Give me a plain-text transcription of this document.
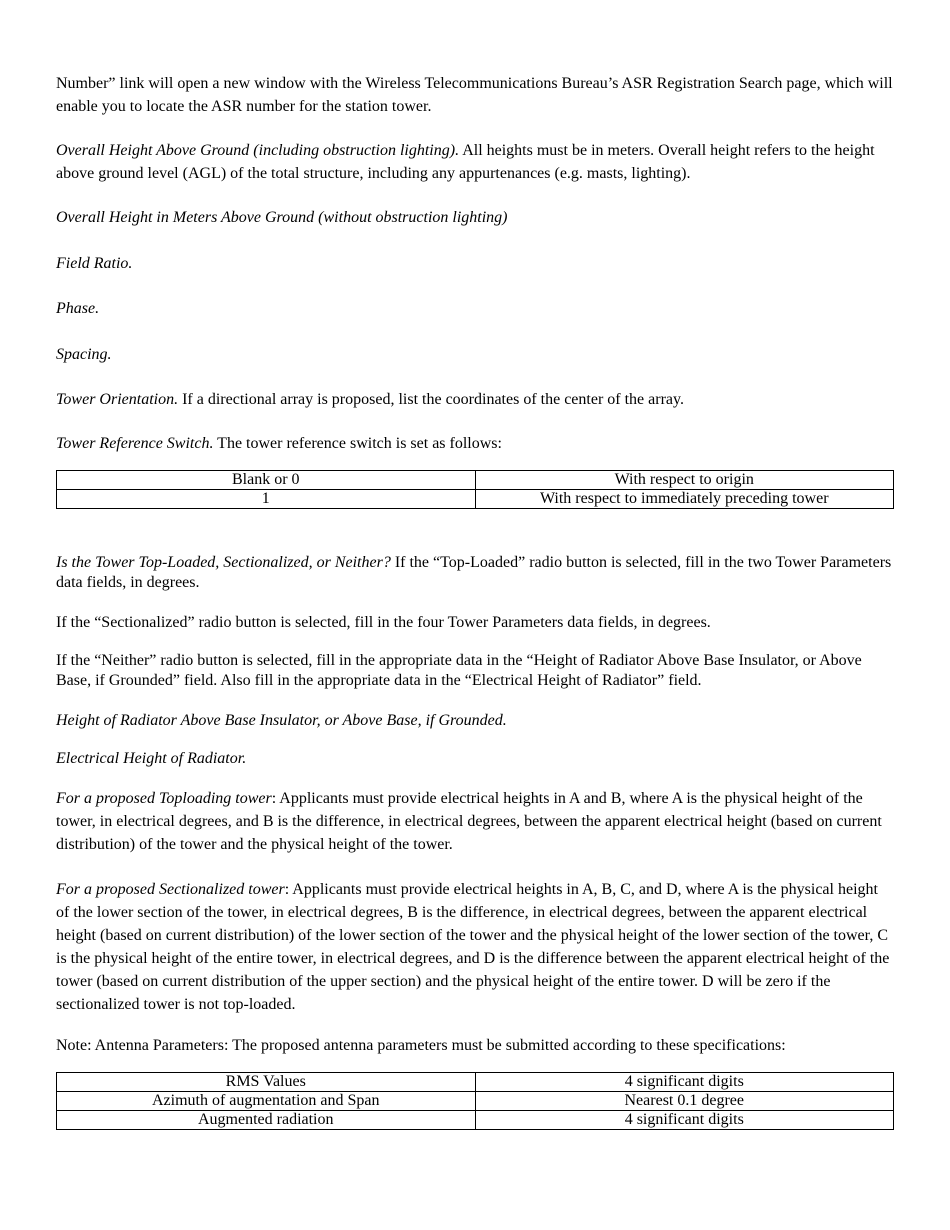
Number” link will open a new window with the Wireless Telecommunications Bureau’s ASR Registration Search page, which will enable you to locate the ASR number for the station tower.

Overall Height Above Ground (including obstruction lighting). All heights must be in meters. Overall height refers to the height above ground level (AGL) of the total structure, including any appurtenances (e.g. masts, lighting).

Overall Height in Meters Above Ground (without obstruction lighting)

Field Ratio.

Phase.

Spacing.

Tower Orientation. If a directional array is proposed, list the coordinates of the center of the array.

Tower Reference Switch. The tower reference switch is set as follows:

Blank or 0	With respect to origin
1	With respect to immediately preceding tower

Is the Tower Top-Loaded, Sectionalized, or Neither? If the “Top-Loaded” radio button is selected, fill in the two Tower Parameters data fields, in degrees.

If the “Sectionalized” radio button is selected, fill in the four Tower Parameters data fields, in degrees.

If the “Neither” radio button is selected, fill in the appropriate data in the “Height of Radiator Above Base Insulator, or Above Base, if Grounded” field. Also fill in the appropriate data in the “Electrical Height of Radiator” field.

Height of Radiator Above Base Insulator, or Above Base, if Grounded.

Electrical Height of Radiator.

For a proposed Toploading tower: Applicants must provide electrical heights in A and B, where A is the physical height of the tower, in electrical degrees, and B is the difference, in electrical degrees, between the apparent electrical height (based on current distribution) of the tower and the physical height of the tower.

For a proposed Sectionalized tower: Applicants must provide electrical heights in A, B, C, and D, where A is the physical height of the lower section of the tower, in electrical degrees, B is the difference, in electrical degrees, between the apparent electrical height (based on current distribution) of the lower section of the tower and the physical height of the lower section of the tower, C is the physical height of the entire tower, in electrical degrees, and D is the difference between the apparent electrical height of the tower (based on current distribution of the upper section) and the physical height of the entire tower. D will be zero if the sectionalized tower is not top-loaded.

Note: Antenna Parameters: The proposed antenna parameters must be submitted according to these specifications:

RMS Values	4 significant digits
Azimuth of augmentation and Span	Nearest 0.1 degree
Augmented radiation	4 significant digits
